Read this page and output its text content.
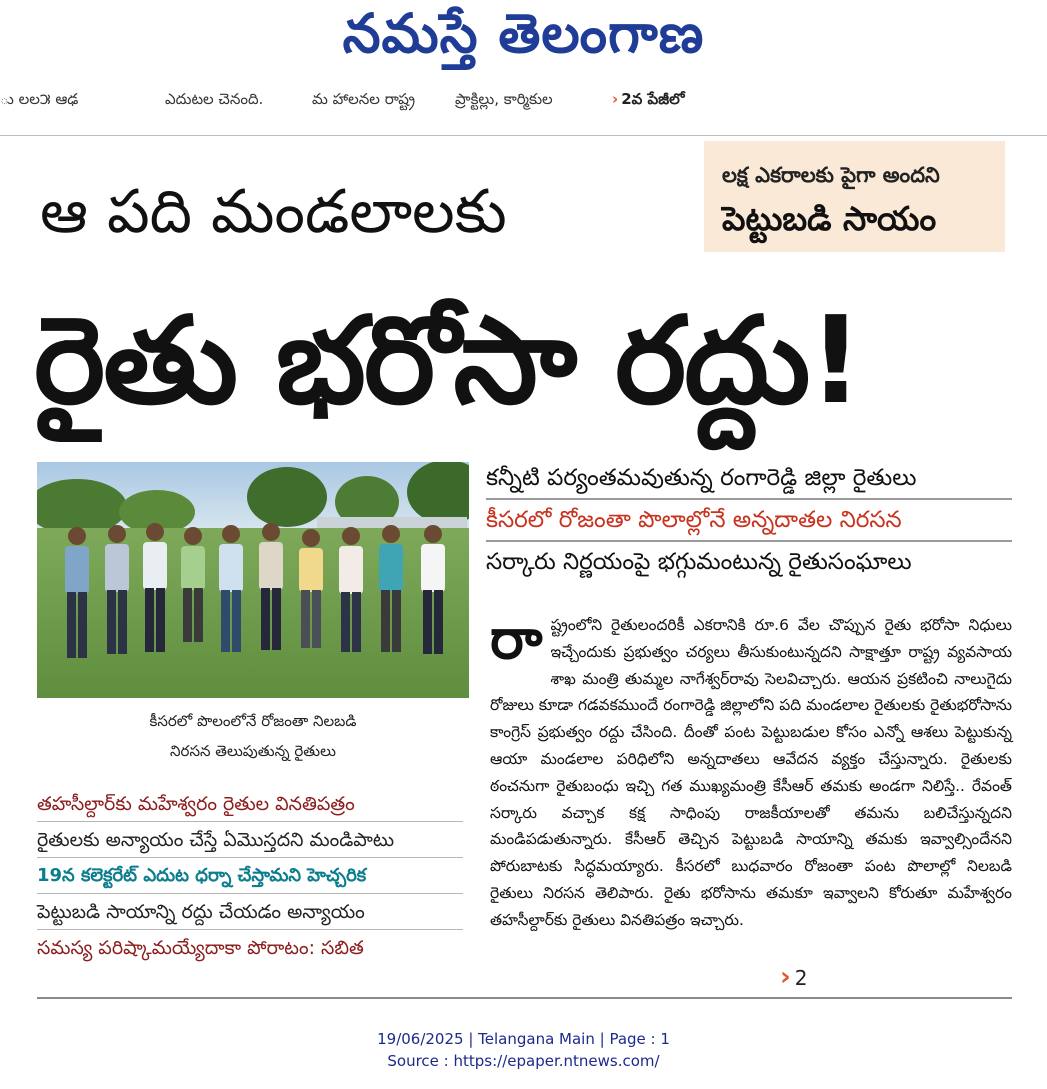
నమస్తే తెలంగాణ
ు లల౫ ఆఢ	ఎదుటల చెనంది.	మ హాలనల రాష్ట్ర	ప్రాక్టిల్లు, కార్మికుల
›	2వ పేజీలో
ఆ పది మండలాలకు
లక్ష ఎకరాలకు పైగా అందని
పెట్టుబడి సాయం
రైతు భరోసా రద్దు!
కీసరలో పొలంలోనే రోజంతా నిలబడి
నిరసన తెలుపుతున్న రైతులు
తహసీల్దార్‌కు మహేశ్వరం రైతుల వినతిపత్రం
రైతులకు అన్యాయం చేస్తే ఏమొస్తదని మండిపాటు
19న కలెక్టరేట్ ఎదుట ధర్నా చేస్తామని హెచ్చరిక
పెట్టుబడి సాయాన్ని రద్దు చేయడం అన్యాయం
సమస్య పరిష్కామయ్యేదాకా పోరాటం: సబిత
కన్నీటి పర్యంతమవుతున్న రంగారెడ్డి జిల్లా రైతులు
కీసరలో రోజంతా పొలాల్లోనే అన్నదాతల నిరసన
సర్కారు నిర్ణయంపై భగ్గుమంటున్న రైతుసంఘాలు
రా ష్ట్రంలోని రైతులందరికీ ఎకరానికి రూ.6 వేల చొప్పున రైతు భరోసా నిధులు ఇచ్చేందుకు ప్రభుత్వం చర్యలు తీసుకుంటున్నదని సాక్షాత్తూ రాష్ట్ర వ్యవసాయ శాఖ మంత్రి తుమ్మల నాగేశ్వర్‌రావు సెలవిచ్చారు. ఆయన ప్రకటించి నాలుగైదు రోజులు కూడా గడవకముందే రంగారెడ్డి జిల్లాలోని పది మండలాల రైతులకు రైతుభరోసాను కాంగ్రెస్ ప్రభుత్వం రద్దు చేసింది. దీంతో పంట పెట్టుబడుల కోసం ఎన్నో ఆశలు పెట్టుకున్న ఆయా మండలాల పరిధిలోని అన్నదాతలు ఆవేదన వ్యక్తం చేస్తున్నారు. రైతులకు ఠంచనుగా రైతుబంధు ఇచ్చి గత ముఖ్యమంత్రి కేసీఆర్ తమకు అండగా నిలిస్తే.. రేవంత్ సర్కారు వచ్చాక కక్ష సాధింపు రాజకీయాలతో తమను బలిచేస్తున్నదని మండిపడుతున్నారు. కేసీఆర్ తెచ్చిన పెట్టుబడి సాయాన్ని తమకు ఇవ్వాల్సిందేనని పోరుబాటకు సిద్ధమయ్యారు. కీసరలో బుధవారం రోజంతా పంట పొలాల్లో నిలబడి రైతులు నిరసన తెలిపారు. రైతు భరోసాను తమకూ ఇవ్వాలని కోరుతూ మహేశ్వరం తహసీల్దార్‌కు రైతులు వినతిపత్రం ఇచ్చారు.
› 2
19/06/2025 | Telangana Main | Page : 1
Source : https://epaper.ntnews.com/
